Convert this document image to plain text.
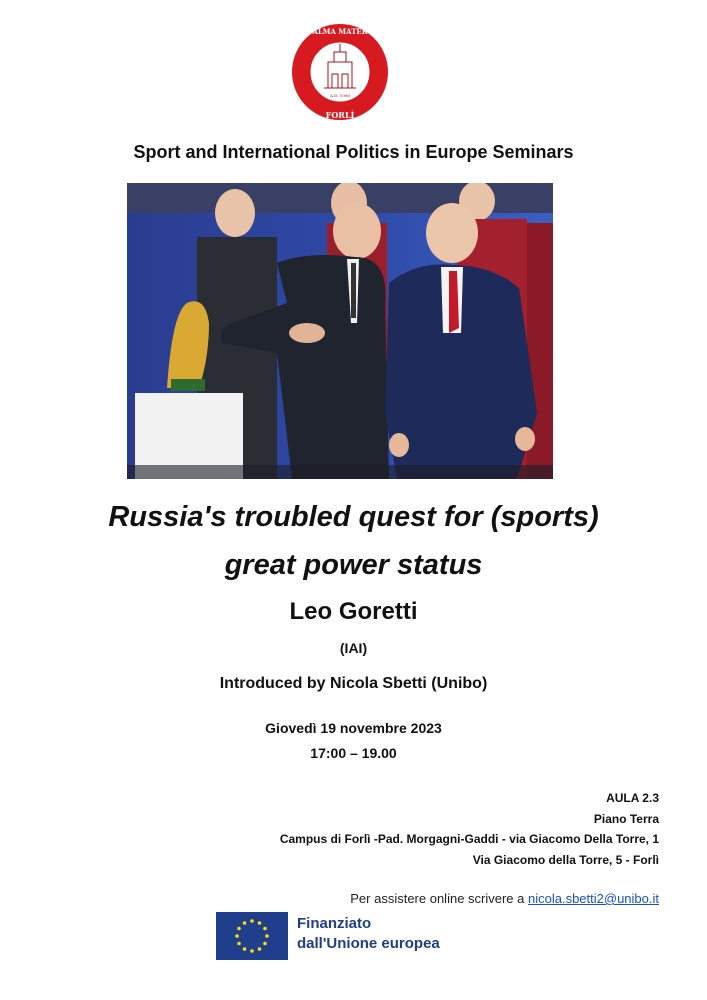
ALMA MATER
FORLÌ
A.D. 1088
Sport and International Politics in Europe Seminars
Russia's troubled quest for (sports)
great power status
Leo Goretti
(IAI)
Introduced by Nicola Sbetti (Unibo)
Giovedì 19 novembre 2023
17:00 – 19.00
AULA 2.3
Piano Terra
Campus di Forlì -Pad. Morgagni-Gaddi - via Giacomo Della Torre, 1
Via Giacomo della Torre, 5 - Forlì
Per assistere online scrivere a nicola.sbetti2@unibo.it
Finanziato
dall'Unione europea
